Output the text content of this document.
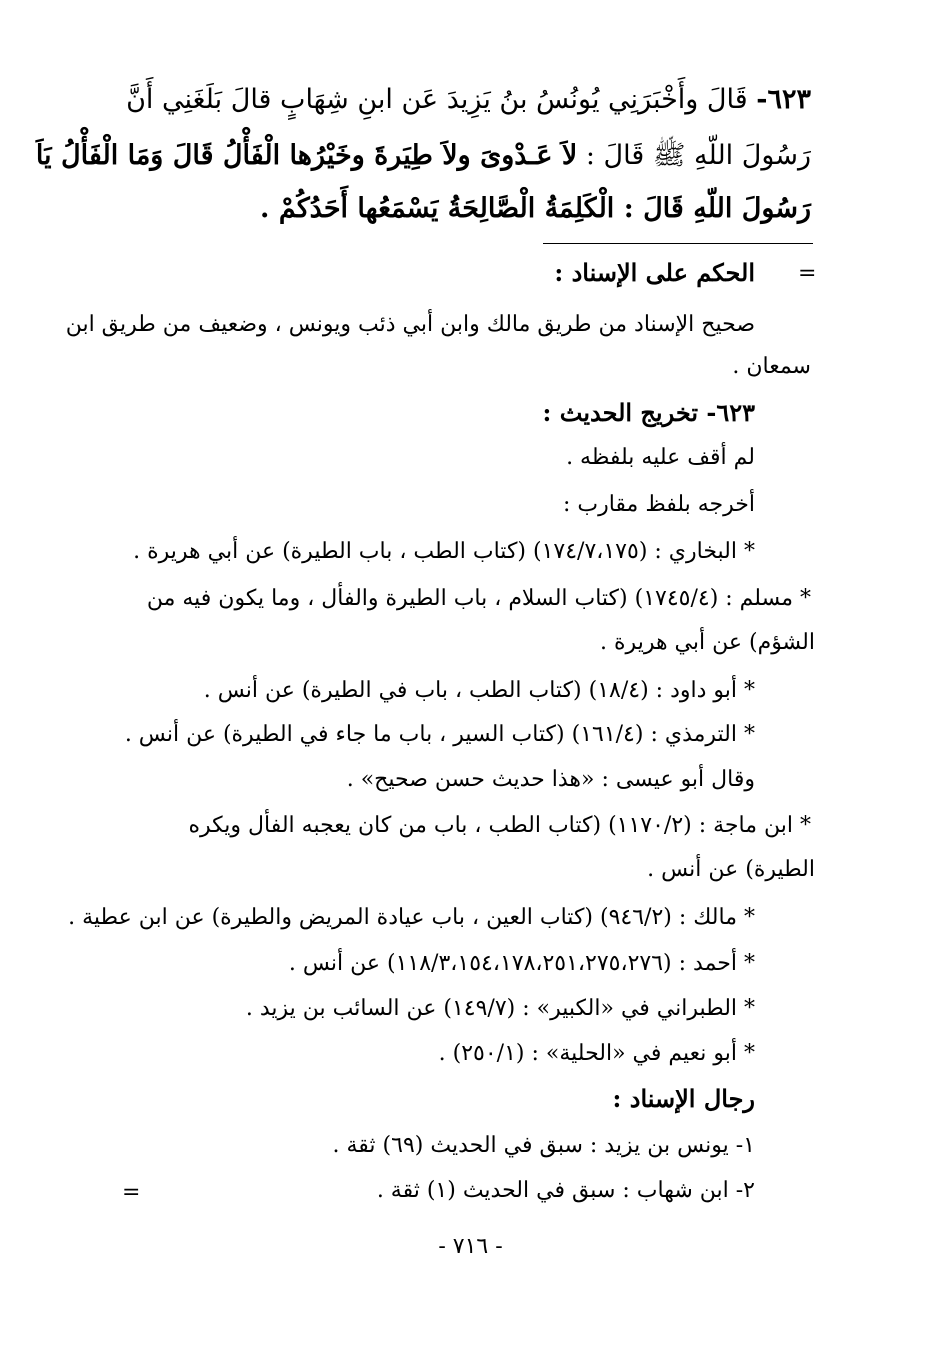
٦٢٣- قَالَ وأَخْبَرَنِي يُونُسُ بنُ يَزِيدَ عَن ابنِ شِهَابٍ قالَ بَلَغَنِي أَنَّ
رَسُولَ اللّهِ ﷺ قَالَ : لاَ عَـدْوىَ ولاَ طِيَرةَ وخَيْرُها الْفَأْلُ قَالَ وَمَا الْفَأْلُ يَاَ
رَسُولَ اللّهِ قَالَ : الْكَلِمَةُ الْصَّالِحَةُ يَسْمَعُها أَحَدُكُمْ .
=
الحكم على الإسناد :
صحيح الإسناد من طريق مالك وابن أبي ذئب ويونس ، وضعيف من طريق ابن
سمعان .
٦٢٣- تخريج الحديث :
لم أقف عليه بلفظه .
أخرجه بلفظ مقارب :
* البخاري : (١٧٤/٧،١٧٥) (كتاب الطب ، باب الطيرة) عن أبي هريرة .
* مسلم : (١٧٤٥/٤) (كتاب السلام ، باب الطيرة والفأل ، وما يكون فيه من
الشؤم) عن أبي هريرة .
* أبو داود : (١٨/٤) (كتاب الطب ، باب في الطيرة) عن أنس .
* الترمذي : (١٦١/٤) (كتاب السير ، باب ما جاء في الطيرة) عن أنس .
وقال أبو عيسى : «هذا حديث حسن صحيح» .
* ابن ماجة : (١١٧٠/٢) (كتاب الطب ، باب من كان يعجبه الفأل ويكره
الطيرة) عن أنس .
* مالك : (٩٤٦/٢) (كتاب العين ، باب عيادة المريض والطيرة) عن ابن عطية .
* أحمد : (١١٨/٣،١٥٤،١٧٨،٢٥١،٢٧٥،٢٧٦) عن أنس .
* الطبراني في «الكبير» : (١٤٩/٧) عن السائب بن يزيد .
* أبو نعيم في «الحلية» : (٢٥٠/١) .
رجال الإسناد :
١- يونس بن يزيد : سبق في الحديث (٦٩) ثقة .
٢- ابن شهاب : سبق في الحديث (١) ثقة .
=
- ٧١٦ -
